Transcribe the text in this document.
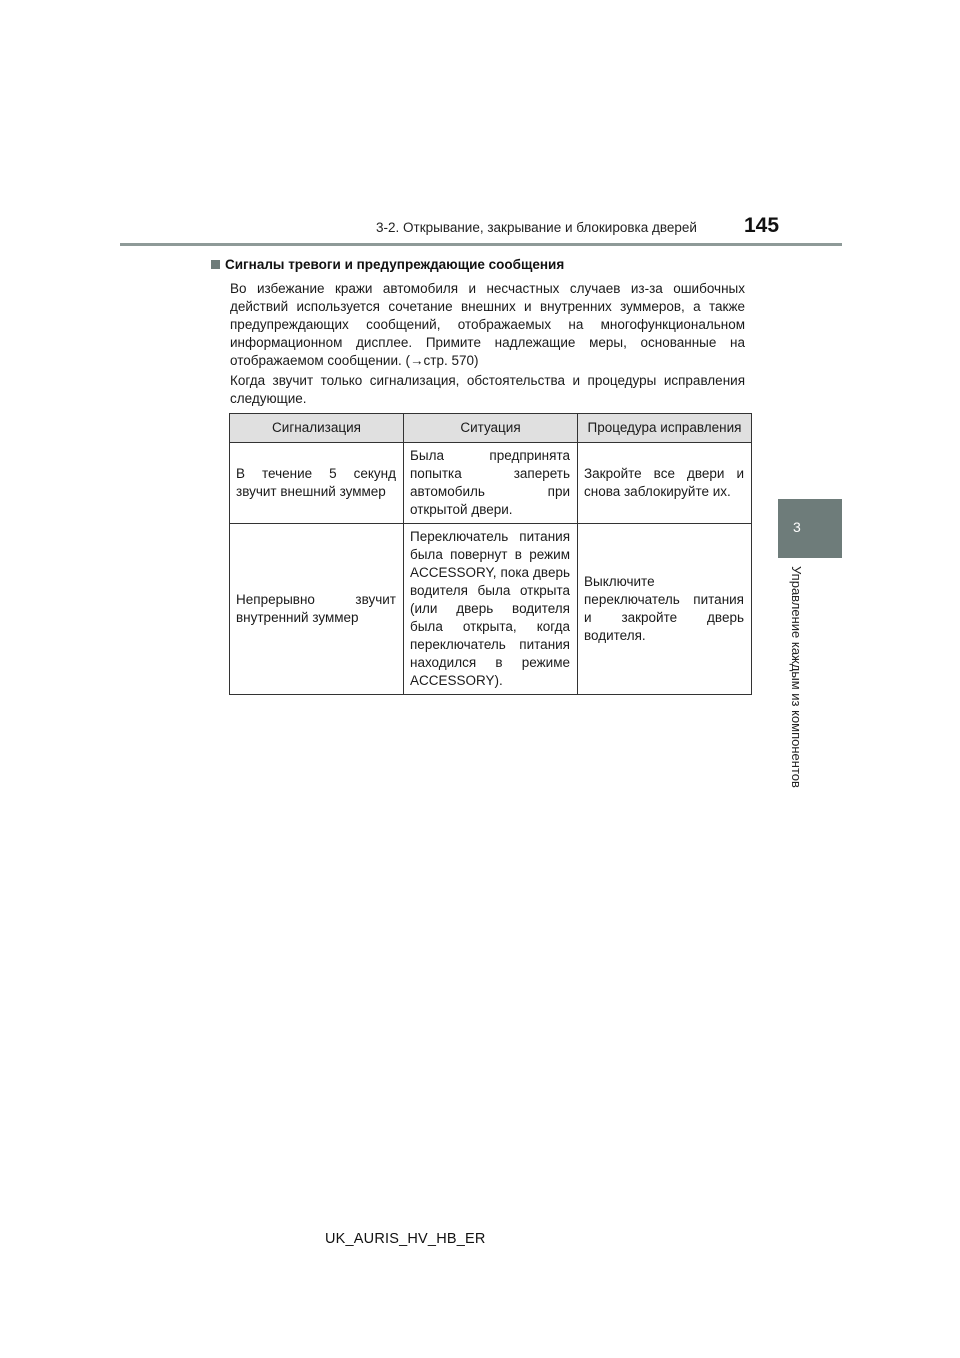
3-2. Открывание, закрывание и блокировка дверей 145
3
Управление каждым из компонентов
Сигналы тревоги и предупреждающие сообщения
Во избежание кражи автомобиля и несчастных случаев из-за ошибочных действий используется сочетание внешних и внутренних зуммеров, а также предупреждающих сообщений, отображаемых на многофункциональном информационном дисплее. Примите надлежащие меры, основанные на отображаемом сообщении. (→стр. 570)
Когда звучит только сигнализация, обстоятельства и процедуры исправления следующие.
Сигнализация	Ситуация	Процедура исправления
В течение 5 секунд звучит внешний зуммер	Была предпринята попытка запереть автомобиль при открытой двери.	Закройте все двери и снова заблокируйте их.
Непрерывно звучит внутренний зуммер	Переключатель питания была повернут в режим ACCESSORY, пока дверь водителя была открыта (или дверь водителя была открыта, когда переключатель питания находился в режиме ACCESSORY).	Выключите переключатель питания и закройте дверь водителя.
UK_AURIS_HV_HB_ER
